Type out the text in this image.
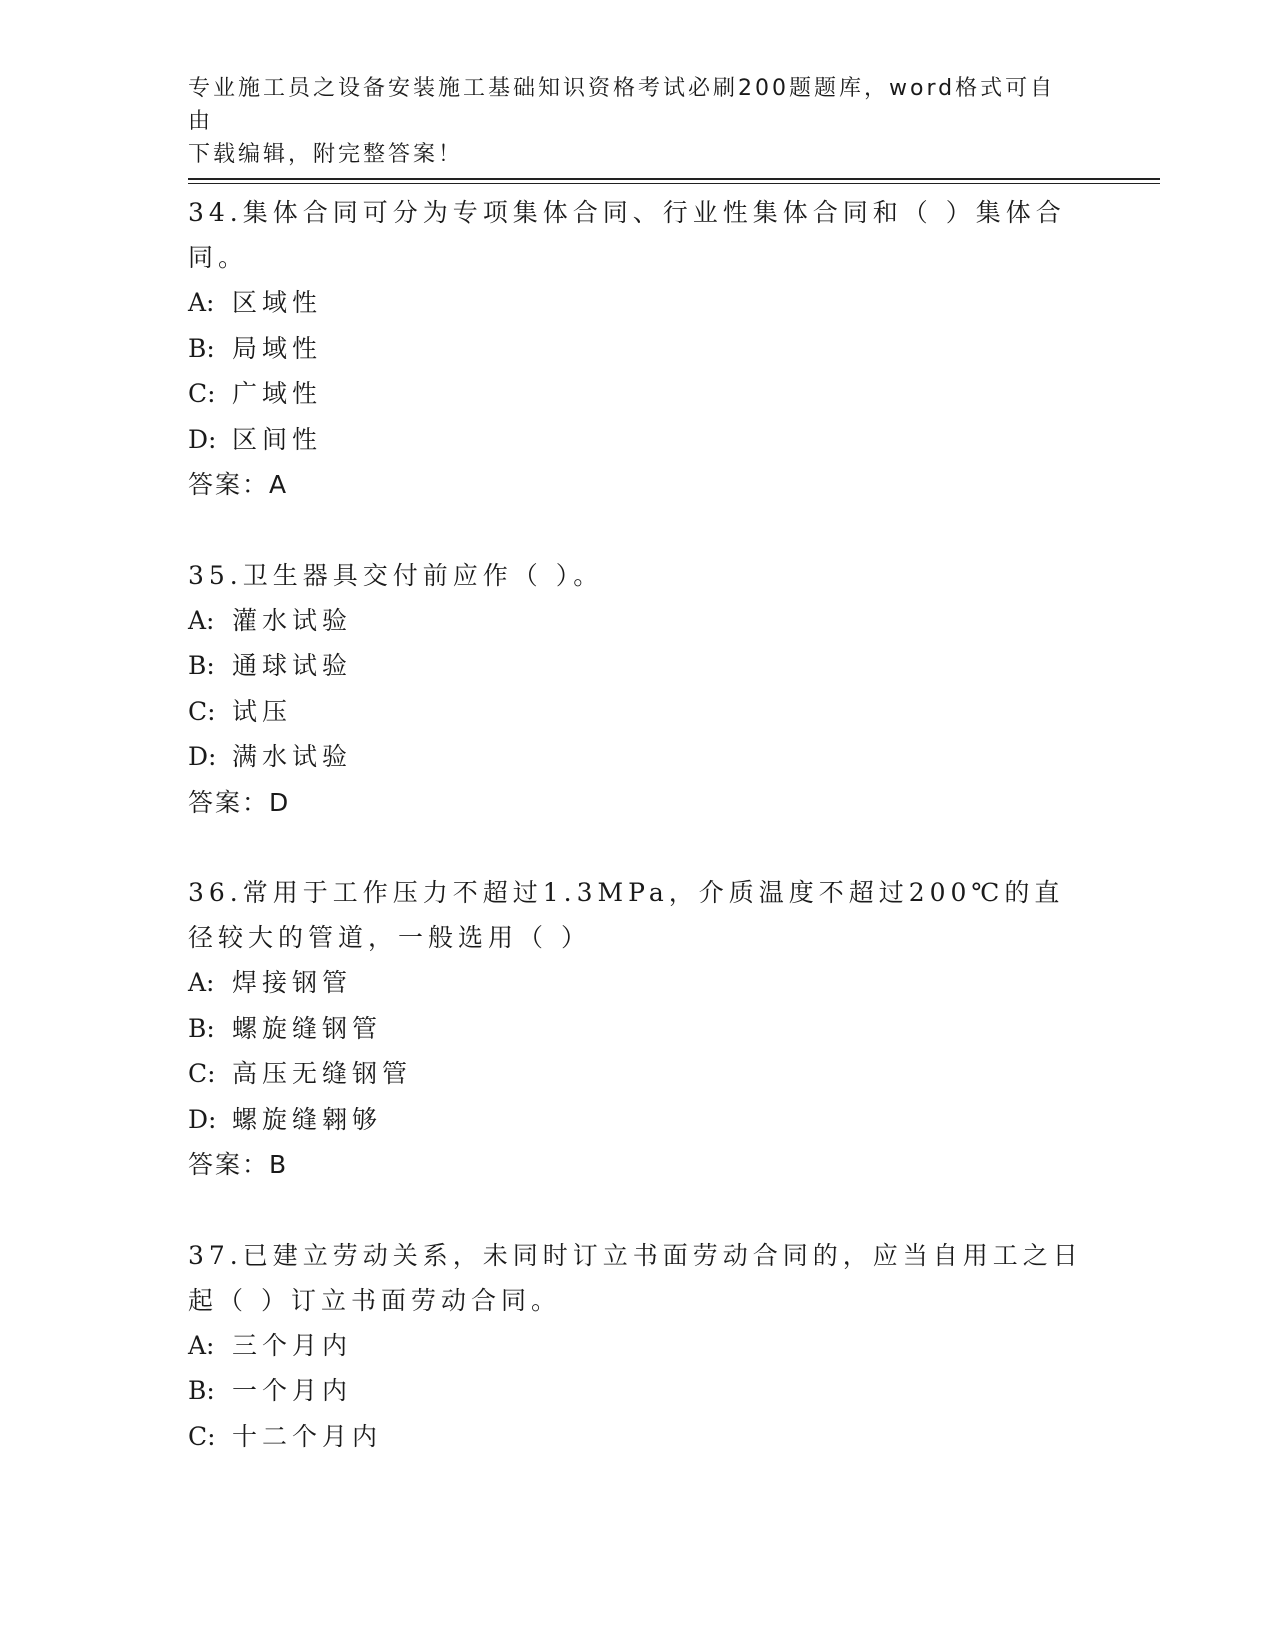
专业施工员之设备安装施工基础知识资格考试必刷200题题库，word格式可自由
下载编辑，附完整答案！

34.集体合同可分为专项集体合同、行业性集体合同和（ ）集体合同。

A: 区域性

B: 局域性

C: 广域性

D: 区间性

答案：A

35.卫生器具交付前应作（ ）。

A: 灌水试验

B: 通球试验

C: 试压

D: 满水试验

答案：D

36.常用于工作压力不超过1.3MPa，介质温度不超过200℃的直径较大的管道，一般选用（ ）

A: 焊接钢管

B: 螺旋缝钢管

C: 高压无缝钢管

D: 螺旋缝翱够

答案：B

37.已建立劳动关系，未同时订立书面劳动合同的，应当自用工之日起（ ）订立书面劳动合同。

A: 三个月内

B: 一个月内

C: 十二个月内
